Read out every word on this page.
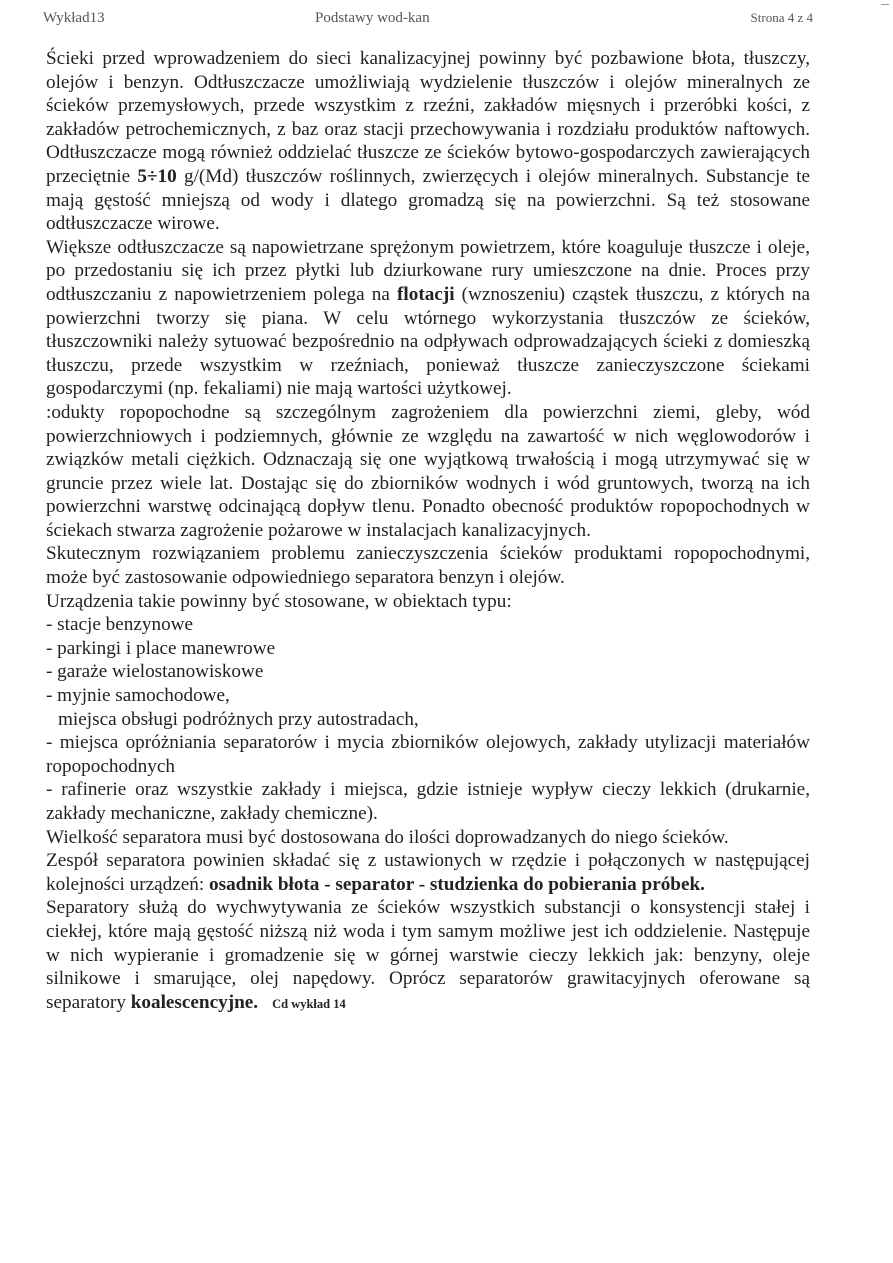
Wykład13	Podstawy wod-kan	Strona 4 z 4

Ścieki przed wprowadzeniem do sieci kanalizacyjnej powinny być pozbawione błota, tłuszczy, olejów i benzyn. Odtłuszczacze umożliwiają wydzielenie tłuszczów i olejów mineralnych ze ścieków przemysłowych, przede wszystkim z rzeźni, zakładów mięsnych i przeróbki kości, z zakładów petrochemicznych, z baz oraz stacji przechowywania i rozdziału produktów naftowych. Odtłuszczacze mogą również oddzielać tłuszcze ze ścieków bytowo-gospodarczych zawierających przeciętnie 5÷10 g/(Md) tłuszczów roślinnych, zwierzęcych i olejów mineralnych. Substancje te mają gęstość mniejszą od wody i dlatego gromadzą się na powierzchni. Są też stosowane odtłuszczacze wirowe.

Większe odtłuszczacze są napowietrzane sprężonym powietrzem, które koaguluje tłuszcze i oleje, po przedostaniu się ich przez płytki lub dziurkowane rury umieszczone na dnie. Proces przy odtłuszczaniu z napowietrzeniem polega na flotacji (wznoszeniu) cząstek tłuszczu, z których na powierzchni tworzy się piana. W celu wtórnego wykorzystania tłuszczów ze ścieków, tłuszczowniki należy sytuować bezpośrednio na odpływach odprowadzających ścieki z domieszką tłuszczu, przede wszystkim w rzeźniach, ponieważ tłuszcze zanieczyszczone ściekami gospodarczymi (np. fekaliami) nie mają wartości użytkowej.

:odukty ropopochodne są szczególnym zagrożeniem dla powierzchni ziemi, gleby, wód powierzchniowych i podziemnych, głównie ze względu na zawartość w nich węglowodorów i związków metali ciężkich. Odznaczają się one wyjątkową trwałością i mogą utrzymywać się w gruncie przez wiele lat. Dostając się do zbiorników wodnych i wód gruntowych, tworzą na ich powierzchni warstwę odcinającą dopływ tlenu. Ponadto obecność produktów ropopochodnych w ściekach stwarza zagrożenie pożarowe w instalacjach kanalizacyjnych.

Skutecznym rozwiązaniem problemu zanieczyszczenia ścieków produktami ropopochodnymi, może być zastosowanie odpowiedniego separatora benzyn i olejów.

Urządzenia takie powinny być stosowane, w obiektach typu:

- stacje benzynowe

- parkingi i place manewrowe

- garaże wielostanowiskowe

- myjnie samochodowe,

miejsca obsługi podróżnych przy autostradach,

- miejsca opróżniania separatorów i mycia zbiorników olejowych, zakłady utylizacji materiałów ropopochodnych

- rafinerie oraz wszystkie zakłady i miejsca, gdzie istnieje wypływ cieczy lekkich (drukarnie, zakłady mechaniczne, zakłady chemiczne).

Wielkość separatora musi być dostosowana do ilości doprowadzanych do niego ścieków.

Zespół separatora powinien składać się z ustawionych w rzędzie i połączonych w następującej kolejności urządzeń: osadnik błota - separator - studzienka do pobierania próbek.

Separatory służą do wychwytywania ze ścieków wszystkich substancji o konsystencji stałej i ciekłej, które mają gęstość niższą niż woda i tym samym możliwe jest ich oddzielenie. Następuje w nich wypieranie i gromadzenie się w górnej warstwie cieczy lekkich jak: benzyny, oleje silnikowe i smarujące, olej napędowy. Oprócz separatorów grawitacyjnych oferowane są separatory koalescencyjne. Cd wykład 14
